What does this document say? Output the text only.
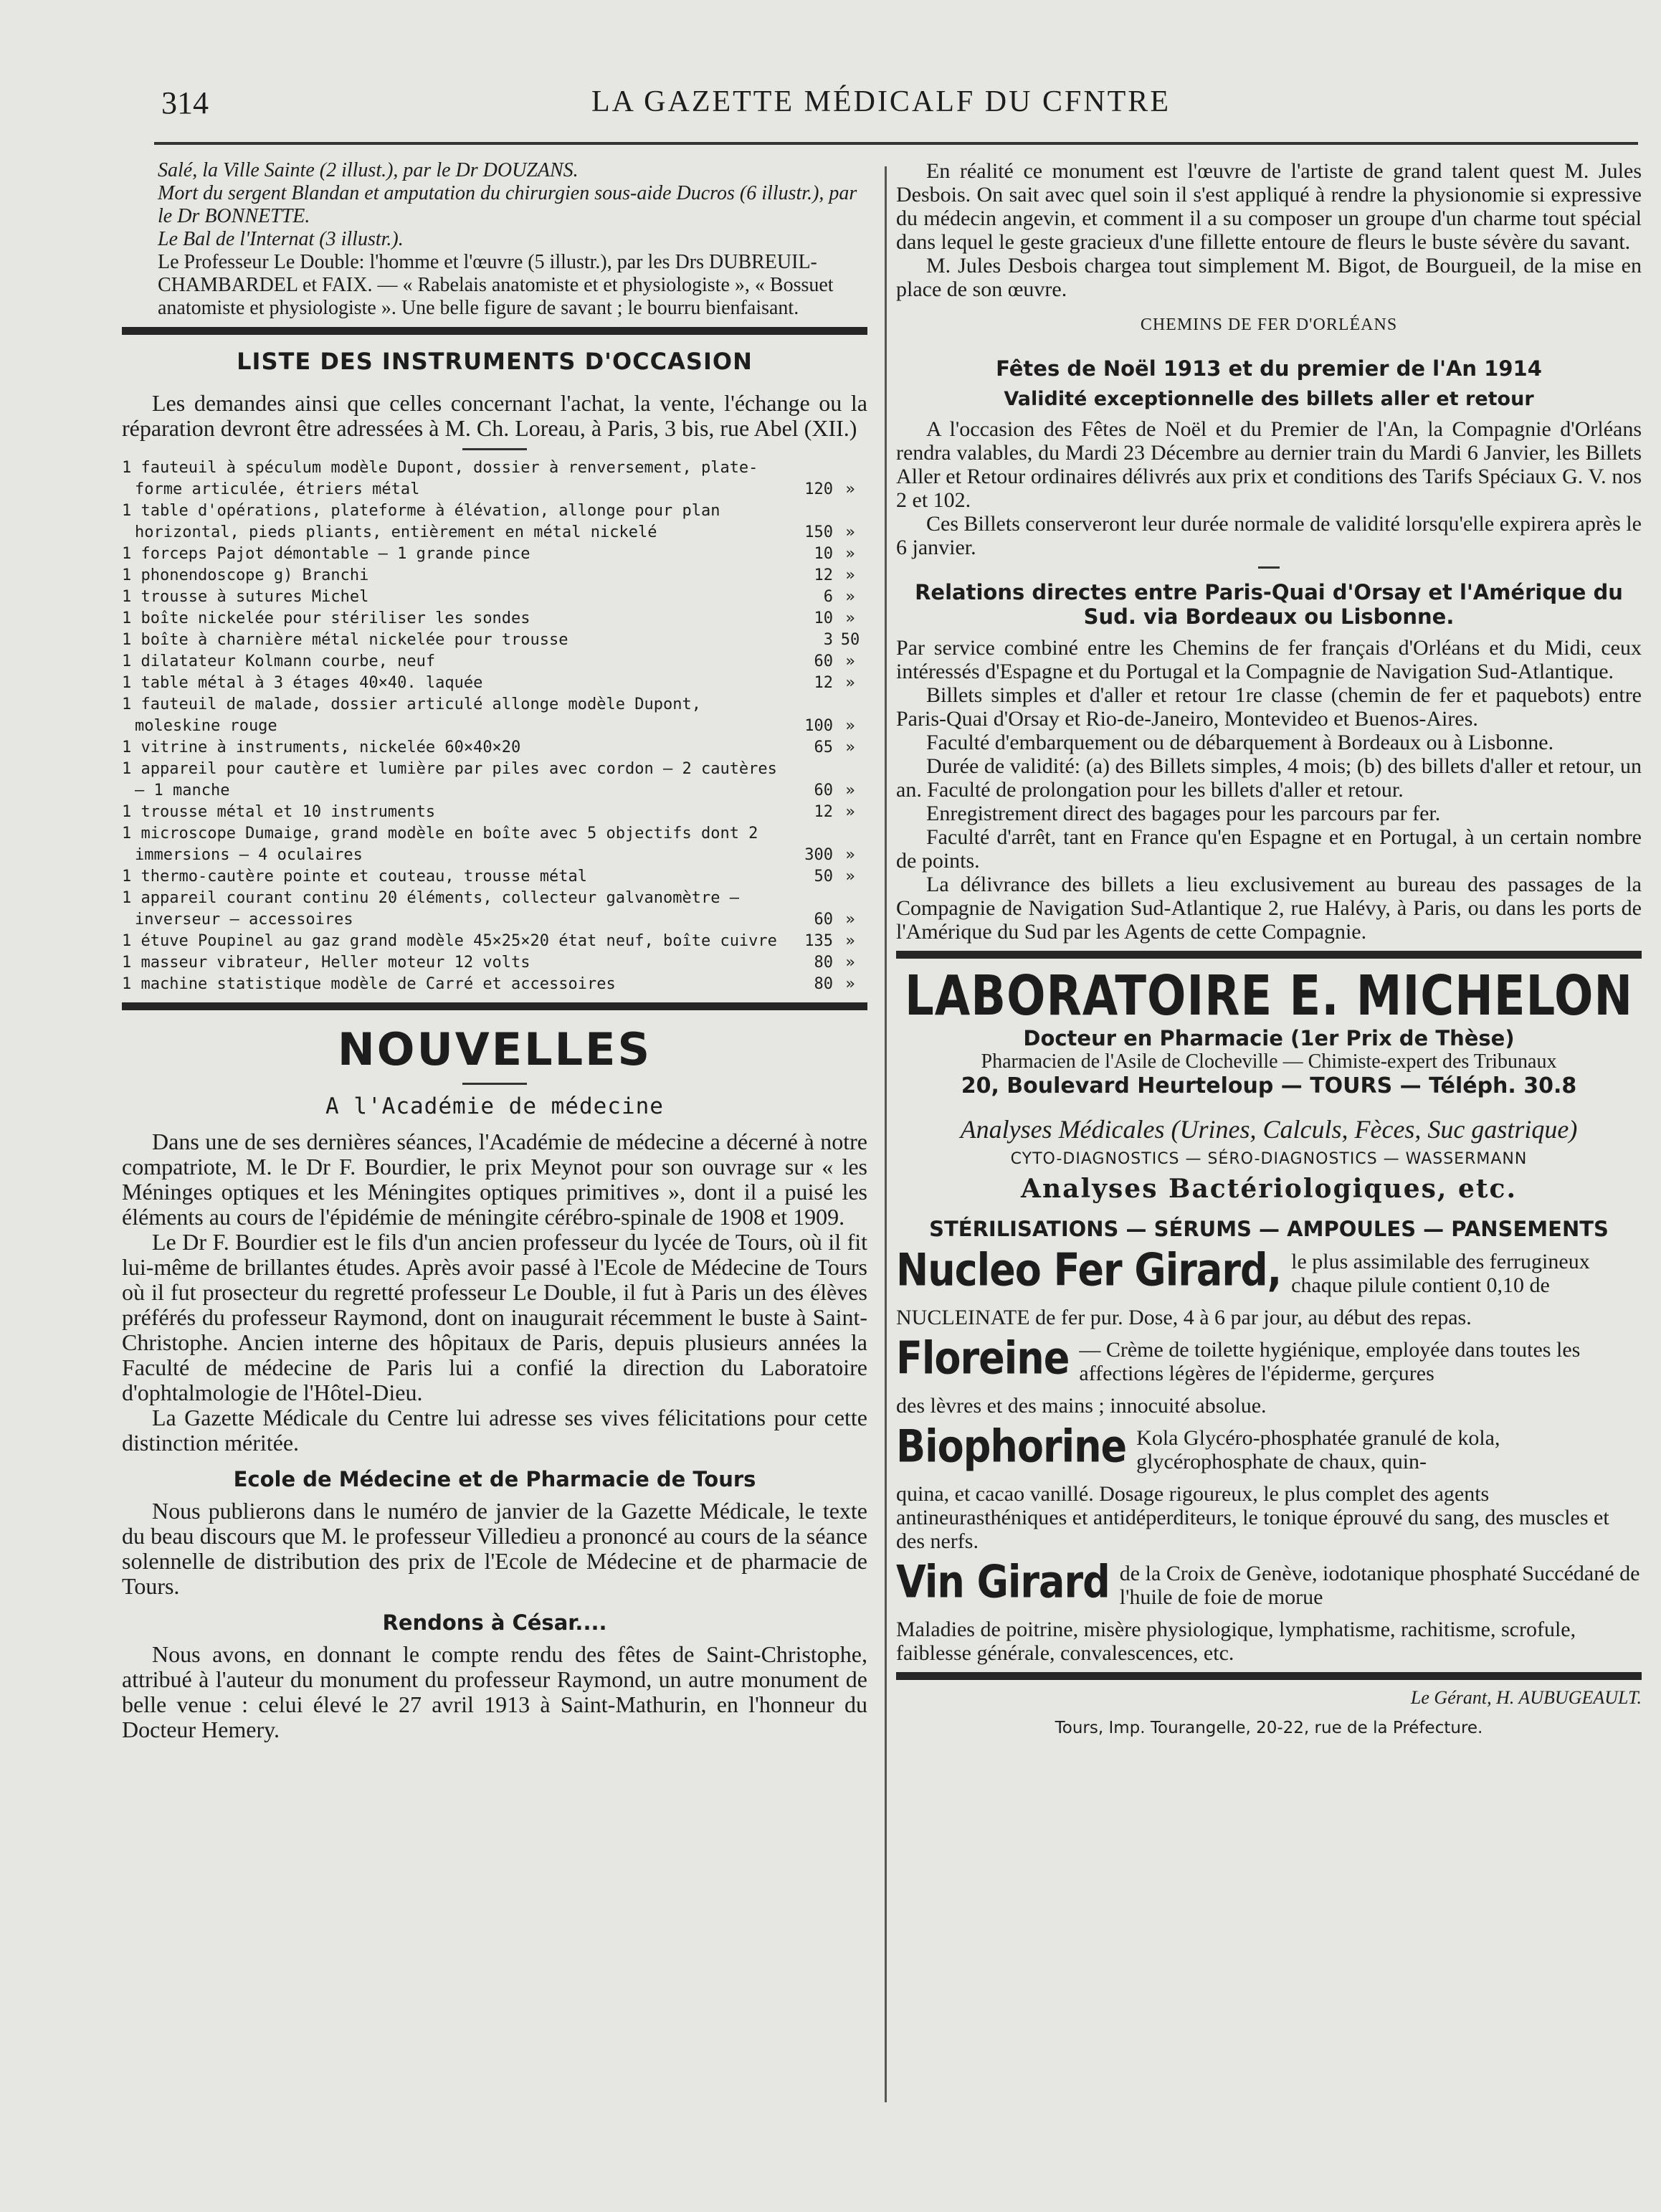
314	LA GAZETTE MÉDICALF DU CFNTRE

Salé, la Ville Sainte (2 illust.), par le Dr DOUZANS.

Mort du sergent Blandan et amputation du chirurgien sous-aide Ducros (6 illustr.), par le Dr BONNETTE.

Le Bal de l'Internat (3 illustr.).

Le Professeur Le Double: l'homme et l'œuvre (5 illustr.), par les Drs DUBREUIL-CHAMBARDEL et FAIX. — « Rabelais anatomiste et et physiologiste », « Bossuet anatomiste et physiologiste ». Une belle figure de savant ; le bourru bienfaisant.

LISTE DES INSTRUMENTS D'OCCASION

Les demandes ainsi que celles concernant l'achat, la vente, l'échange ou la réparation devront être adressées à M. Ch. Loreau, à Paris, 3 bis, rue Abel (XII.)

1 fauteuil à spéculum modèle Dupont, dossier à renversement, plate-forme articulée, étriers métal	120 »
1 table d'opérations, plateforme à élévation, allonge pour plan horizontal, pieds pliants, entièrement en métal nickelé	150 »
1 forceps Pajot démontable — 1 grande pince	10 »
1 phonendoscope g) Branchi	12 »
1 trousse à sutures Michel	6 »
1 boîte nickelée pour stériliser les sondes	10 »
1 boîte à charnière métal nickelée pour trousse	3 50
1 dilatateur Kolmann courbe, neuf	60 »
1 table métal à 3 étages 40×40. laquée	12 »
1 fauteuil de malade, dossier articulé allonge modèle Dupont, moleskine rouge	100 »
1 vitrine à instruments, nickelée 60×40×20	65 »
1 appareil pour cautère et lumière par piles avec cordon — 2 cautères — 1 manche	60 »
1 trousse métal et 10 instruments	12 »
1 microscope Dumaige, grand modèle en boîte avec 5 objectifs dont 2 immersions — 4 oculaires	300 »
1 thermo-cautère pointe et couteau, trousse métal	50 »
1 appareil courant continu 20 éléments, collecteur galvanomètre — inverseur — accessoires	60 »
1 étuve Poupinel au gaz grand modèle 45×25×20 état neuf, boîte cuivre	135 »
1 masseur vibrateur, Heller moteur 12 volts	80 »
1 machine statistique modèle de Carré et accessoires	80 »
NOUVELLES
A l'Académie de médecine

Dans une de ses dernières séances, l'Académie de médecine a décerné à notre compatriote, M. le Dr F. Bourdier, le prix Meynot pour son ouvrage sur « les Méninges optiques et les Méningites optiques primitives », dont il a puisé les éléments au cours de l'épidémie de méningite cérébro-spinale de 1908 et 1909.

Le Dr F. Bourdier est le fils d'un ancien professeur du lycée de Tours, où il fit lui-même de brillantes études. Après avoir passé à l'Ecole de Médecine de Tours où il fut prosecteur du regretté professeur Le Double, il fut à Paris un des élèves préférés du professeur Raymond, dont on inaugurait récemment le buste à Saint-Christophe. Ancien interne des hôpitaux de Paris, depuis plusieurs années la Faculté de médecine de Paris lui a confié la direction du Laboratoire d'ophtalmologie de l'Hôtel-Dieu.

La Gazette Médicale du Centre lui adresse ses vives félicitations pour cette distinction méritée.

Ecole de Médecine et de Pharmacie de Tours

Nous publierons dans le numéro de janvier de la Gazette Médicale, le texte du beau discours que M. le professeur Villedieu a prononcé au cours de la séance solennelle de distribution des prix de l'Ecole de Médecine et de pharmacie de Tours.

Rendons à César....

Nous avons, en donnant le compte rendu des fêtes de Saint-Christophe, attribué à l'auteur du monument du professeur Raymond, un autre monument de belle venue : celui élevé le 27 avril 1913 à Saint-Mathurin, en l'honneur du Docteur Hemery.

En réalité ce monument est l'œuvre de l'artiste de grand talent quest M. Jules Desbois. On sait avec quel soin il s'est appliqué à rendre la physionomie si expressive du médecin angevin, et comment il a su composer un groupe d'un charme tout spécial dans lequel le geste gracieux d'une fillette entoure de fleurs le buste sévère du savant.

M. Jules Desbois chargea tout simplement M. Bigot, de Bourgueil, de la mise en place de son œuvre.

CHEMINS DE FER D'ORLÉANS
Fêtes de Noël 1913 et du premier de l'An 1914
Validité exceptionnelle des billets aller et retour

A l'occasion des Fêtes de Noël et du Premier de l'An, la Compagnie d'Orléans rendra valables, du Mardi 23 Décembre au dernier train du Mardi 6 Janvier, les Billets Aller et Retour ordinaires délivrés aux prix et conditions des Tarifs Spéciaux G. V. nos 2 et 102.

Ces Billets conserveront leur durée normale de validité lorsqu'elle expirera après le 6 janvier.

Relations directes entre Paris-Quai d'Orsay et l'Amérique du Sud. via Bordeaux ou Lisbonne.

Par service combiné entre les Chemins de fer français d'Orléans et du Midi, ceux intéressés d'Espagne et du Portugal et la Compagnie de Navigation Sud-Atlantique.

Billets simples et d'aller et retour 1re classe (chemin de fer et paquebots) entre Paris-Quai d'Orsay et Rio-de-Janeiro, Montevideo et Buenos-Aires.

Faculté d'embarquement ou de débarquement à Bordeaux ou à Lisbonne.

Durée de validité: (a) des Billets simples, 4 mois; (b) des billets d'aller et retour, un an. Faculté de prolongation pour les billets d'aller et retour.

Enregistrement direct des bagages pour les parcours par fer.

Faculté d'arrêt, tant en France qu'en Espagne et en Portugal, à un certain nombre de points.

La délivrance des billets a lieu exclusivement au bureau des passages de la Compagnie de Navigation Sud-Atlantique 2, rue Halévy, à Paris, ou dans les ports de l'Amérique du Sud par les Agents de cette Compagnie.

LABORATOIRE E. MICHELON
Docteur en Pharmacie (1er Prix de Thèse)
Pharmacien de l'Asile de Clocheville — Chimiste-expert des Tribunaux
20, Boulevard Heurteloup — TOURS — Téléph. 30.8
Analyses Médicales (Urines, Calculs, Fèces, Suc gastrique)
CYTO-DIAGNOSTICS — SÉRO-DIAGNOSTICS — WASSERMANN
Analyses Bactériologiques, etc.
STÉRILISATIONS — SÉRUMS — AMPOULES — PANSEMENTS
Nucleo Fer Girard, le plus assimilable des ferrugineux chaque pilule contient 0,10 de

NUCLEINATE de fer pur. Dose, 4 à 6 par jour, au début des repas.

Floreine — Crème de toilette hygiénique, employée dans toutes les affections légères de l'épiderme, gerçures

des lèvres et des mains ; innocuité absolue.

Biophorine Kola Glycéro-phosphatée granulé de kola, glycérophosphate de chaux, quin-

quina, et cacao vanillé. Dosage rigoureux, le plus complet des agents antineurasthéniques et antidéperditeurs, le tonique éprouvé du sang, des muscles et des nerfs.

Vin Girard de la Croix de Genève, iodotanique phosphaté Succédané de l'huile de foie de morue

Maladies de poitrine, misère physiologique, lymphatisme, rachitisme, scrofule, faiblesse générale, convalescences, etc.

Le Gérant, H. AUBUGEAULT.
Tours, Imp. Tourangelle, 20-22, rue de la Préfecture.
